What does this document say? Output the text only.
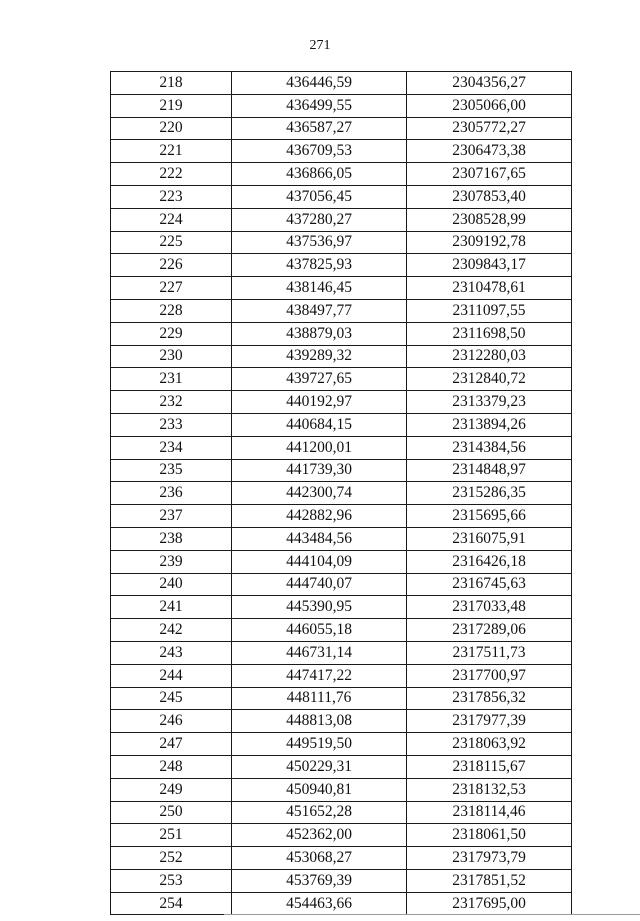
271
218	436446,59	2304356,27
219	436499,55	2305066,00
220	436587,27	2305772,27
221	436709,53	2306473,38
222	436866,05	2307167,65
223	437056,45	2307853,40
224	437280,27	2308528,99
225	437536,97	2309192,78
226	437825,93	2309843,17
227	438146,45	2310478,61
228	438497,77	2311097,55
229	438879,03	2311698,50
230	439289,32	2312280,03
231	439727,65	2312840,72
232	440192,97	2313379,23
233	440684,15	2313894,26
234	441200,01	2314384,56
235	441739,30	2314848,97
236	442300,74	2315286,35
237	442882,96	2315695,66
238	443484,56	2316075,91
239	444104,09	2316426,18
240	444740,07	2316745,63
241	445390,95	2317033,48
242	446055,18	2317289,06
243	446731,14	2317511,73
244	447417,22	2317700,97
245	448111,76	2317856,32
246	448813,08	2317977,39
247	449519,50	2318063,92
248	450229,31	2318115,67
249	450940,81	2318132,53
250	451652,28	2318114,46
251	452362,00	2318061,50
252	453068,27	2317973,79
253	453769,39	2317851,52
254	454463,66	2317695,00
